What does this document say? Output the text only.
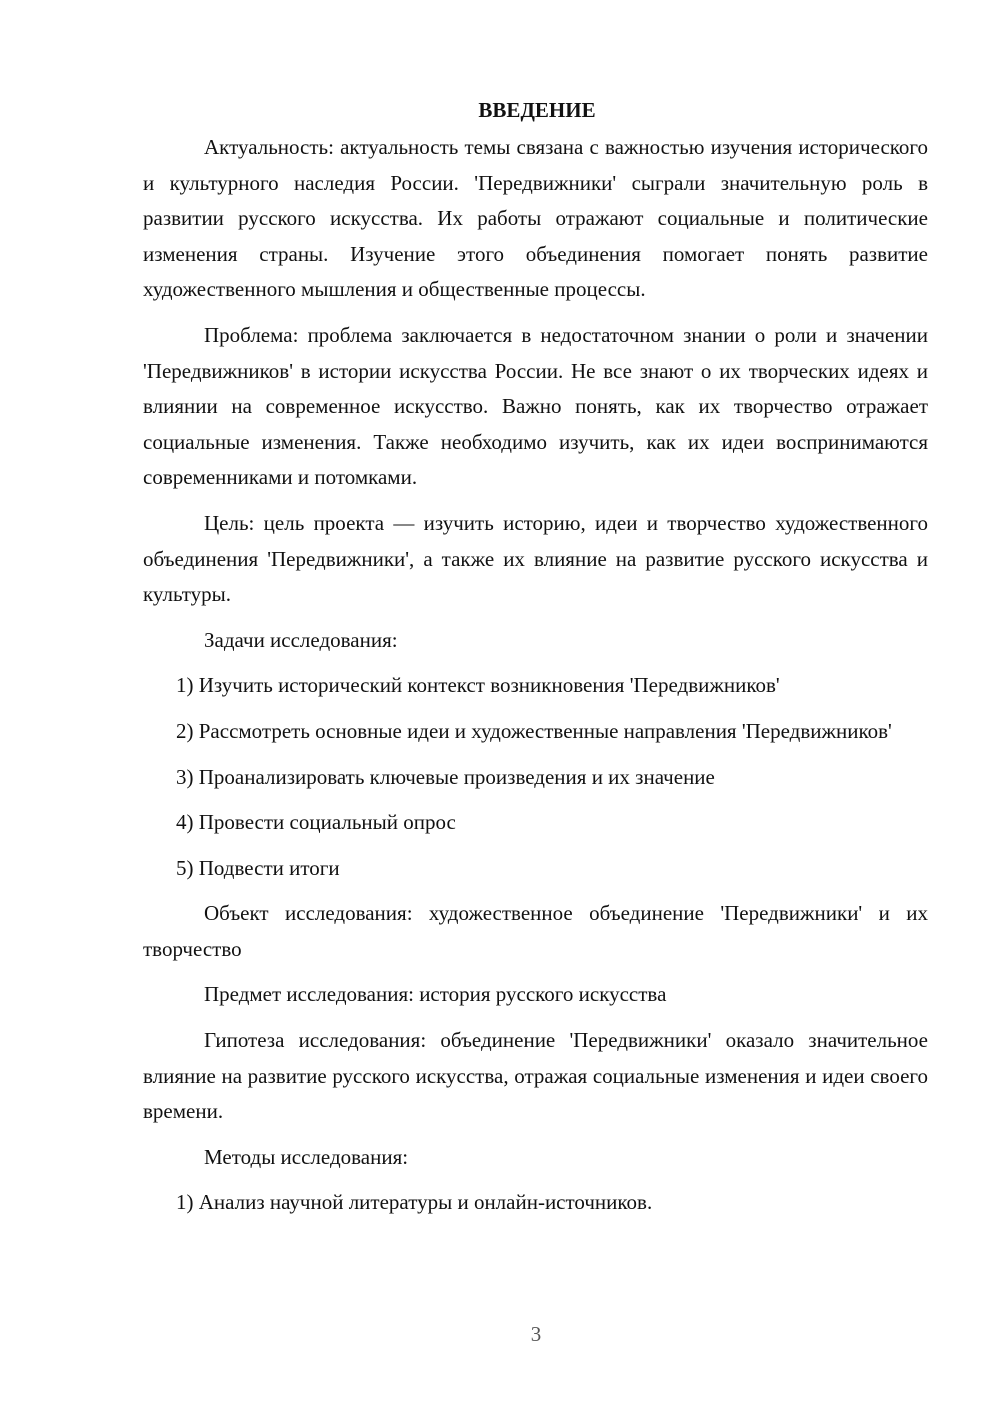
ВВЕДЕНИЕ

Актуальность: актуальность темы связана с важностью изучения исторического и культурного наследия России. 'Передвижники' сыграли значительную роль в развитии русского искусства. Их работы отражают социальные и политические изменения страны. Изучение этого объединения помогает понять развитие художественного мышления и общественные процессы.

Проблема: проблема заключается в недостаточном знании о роли и значении 'Передвижников' в истории искусства России. Не все знают о их творческих идеях и влиянии на современное искусство. Важно понять, как их творчество отражает социальные изменения. Также необходимо изучить, как их идеи воспринимаются современниками и потомками.

Цель: цель проекта — изучить историю, идеи и творчество художественного объединения 'Передвижники', а также их влияние на развитие русского искусства и культуры.

Задачи исследования:

1) Изучить исторический контекст возникновения 'Передвижников'

2) Рассмотреть основные идеи и художественные направления 'Передвижников'

3) Проанализировать ключевые произведения и их значение

4) Провести социальный опрос

5) Подвести итоги

Объект исследования: художественное объединение 'Передвижники' и их творчество

Предмет исследования: история русского искусства

Гипотеза исследования: объединение 'Передвижники' оказало значительное влияние на развитие русского искусства, отражая социальные изменения и идеи своего времени.

Методы исследования:

1) Анализ научной литературы и онлайн-источников.

3
